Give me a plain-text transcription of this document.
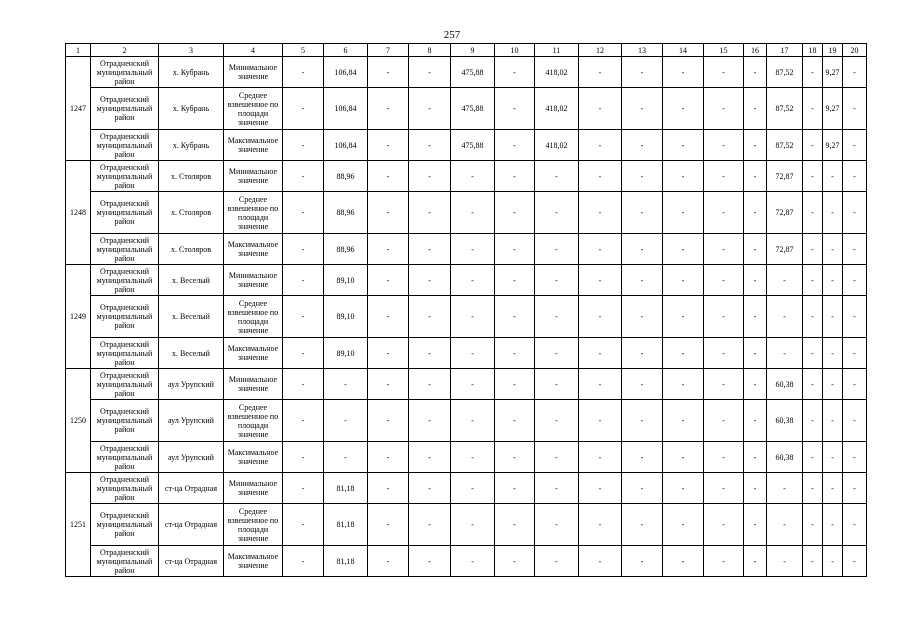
257
1	2	3	4	5	6	7	8	9	10	11	12	13	14	15	16	17	18	19	20
1247	Отрадненский муниципальный район	х. Кубрань	Минимальное значение	-	106,84	-	-	475,88	-	418,02	-	-	-	-	-	87,52	-	9,27	-
	Отрадненский муниципальный район	х. Кубрань	Среднее взвешенное по площади значение	-	106,84	-	-	475,88	-	418,02	-	-	-	-	-	87,52	-	9,27	-
	Отрадненский муниципальный район	х. Кубрань	Максимальное значение	-	106,84	-	-	475,88	-	418,02	-	-	-	-	-	87,52	-	9,27	-
1248	Отрадненский муниципальный район	х. Столяров	Минимальное значение	-	88,96	-	-	-	-	-	-	-	-	-	-	72,87	-	-	-
	Отрадненский муниципальный район	х. Столяров	Среднее взвешенное по площади значение	-	88,96	-	-	-	-	-	-	-	-	-	-	72,87	-	-	-
	Отрадненский муниципальный район	х. Столяров	Максимальное значение	-	88,96	-	-	-	-	-	-	-	-	-	-	72,87	-	-	-
1249	Отрадненский муниципальный район	х. Веселый	Минимальное значение	-	89,10	-	-	-	-	-	-	-	-	-	-	-	-	-	-
	Отрадненский муниципальный район	х. Веселый	Среднее взвешенное по площади значение	-	89,10	-	-	-	-	-	-	-	-	-	-	-	-	-	-
	Отрадненский муниципальный район	х. Веселый	Максимальное значение	-	89,10	-	-	-	-	-	-	-	-	-	-	-	-	-	-
1250	Отрадненский муниципальный район	аул Урупский	Минимальное значение	-	-	-	-	-	-	-	-	-	-	-	-	60,38	-	-	-
	Отрадненский муниципальный район	аул Урупский	Среднее взвешенное по площади значение	-	-	-	-	-	-	-	-	-	-	-	-	60,38	-	-	-
	Отрадненский муниципальный район	аул Урупский	Максимальное значение	-	-	-	-	-	-	-	-	-	-	-	-	60,38	-	-	-
1251	Отрадненский муниципальный район	ст-ца Отрадная	Минимальное значение	-	81,18	-	-	-	-	-	-	-	-	-	-	-	-	-	-
	Отрадненский муниципальный район	ст-ца Отрадная	Среднее взвешенное по площади значение	-	81,18	-	-	-	-	-	-	-	-	-	-	-	-	-	-
	Отрадненский муниципальный район	ст-ца Отрадная	Максимальное значение	-	81,18	-	-	-	-	-	-	-	-	-	-	-	-	-	-
